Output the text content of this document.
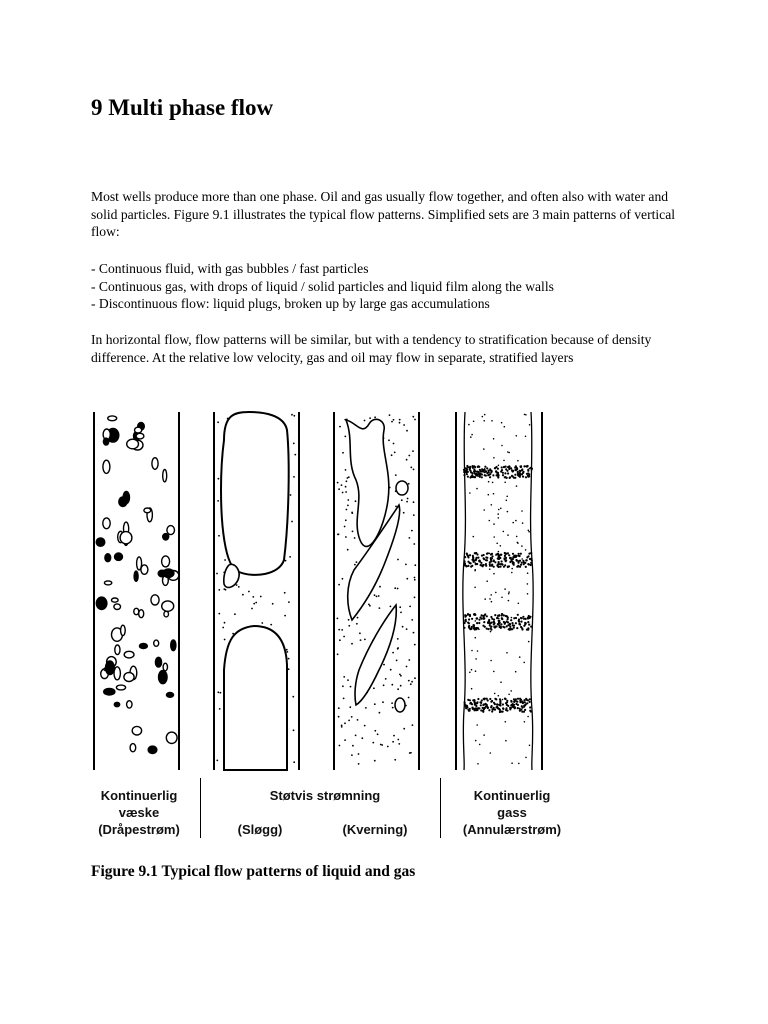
9 Multi phase flow

Most wells produce more than one phase. Oil and gas usually flow together, and often also with water and solid particles. Figure 9.1 illustrates the typical flow patterns. Simplified sets are 3 main patterns of vertical flow:

- Continuous fluid, with gas bubbles / fast particles
- Continuous gas, with drops of liquid / solid particles and liquid film along the walls
- Discontinuous flow: liquid plugs, broken up by large gas accumulations

In horizontal flow, flow patterns will be similar, but with a tendency to stratification because of density difference. At the relative low velocity, gas and oil may flow in separate, stratified layers

Kontinuerlig
væske
(Dråpestrøm)
Støtvis strømning
(Sløgg)	(Kverning)
Kontinuerlig
gass
(Annulærstrøm)

Figure 9.1 Typical flow patterns of liquid and gas
